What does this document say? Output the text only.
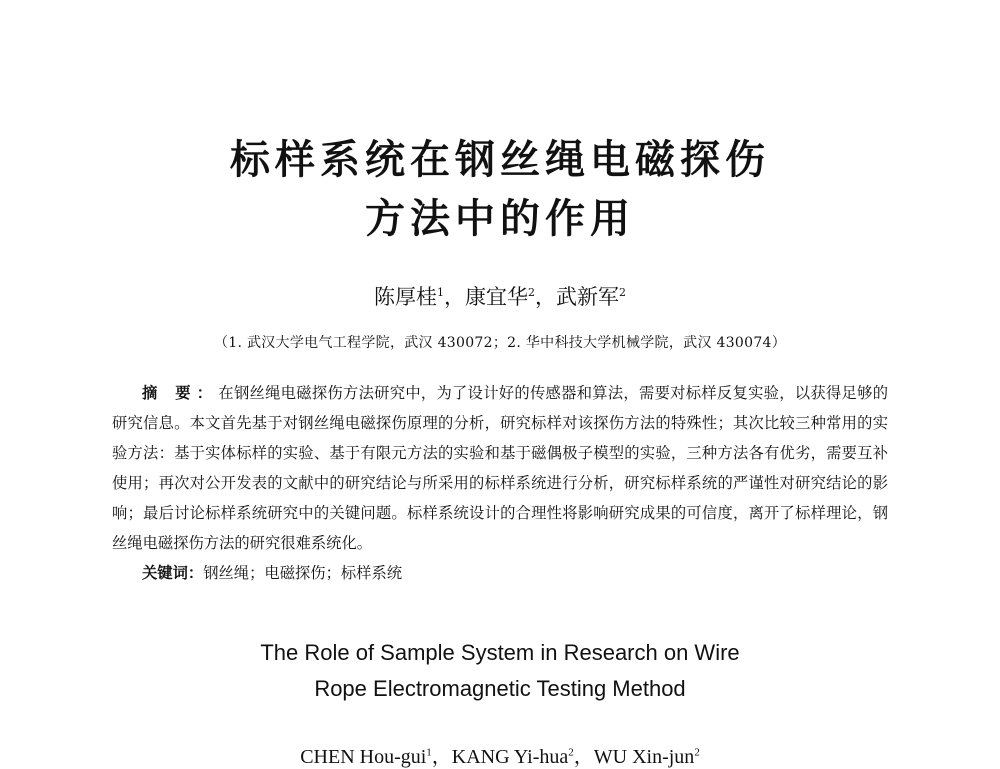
标样系统在钢丝绳电磁探伤
方法中的作用
陈厚桂$^1$，康宜华$^2$，武新军$^2$
（1. 武汉大学电气工程学院，武汉 430072；2. 华中科技大学机械学院，武汉 430074）
摘 要：在钢丝绳电磁探伤方法研究中，为了设计好的传感器和算法，需要对标样反复实验，以获得足够的研究信息。本文首先基于对钢丝绳电磁探伤原理的分析，研究标样对该探伤方法的特殊性；其次比较三种常用的实验方法：基于实体标样的实验、基于有限元方法的实验和基于磁偶极子模型的实验，三种方法各有优劣，需要互补使用；再次对公开发表的文献中的研究结论与所采用的标样系统进行分析，研究标样系统的严谨性对研究结论的影响；最后讨论标样系统研究中的关键问题。标样系统设计的合理性将影响研究成果的可信度，离开了标样理论，钢丝绳电磁探伤方法的研究很难系统化。
关键词：钢丝绳；电磁探伤；标样系统
The Role of Sample System in Research on Wire
Rope Electromagnetic Testing Method
CHEN Hou-gui$^1$，KANG Yi-hua$^2$，WU Xin-jun$^2$
